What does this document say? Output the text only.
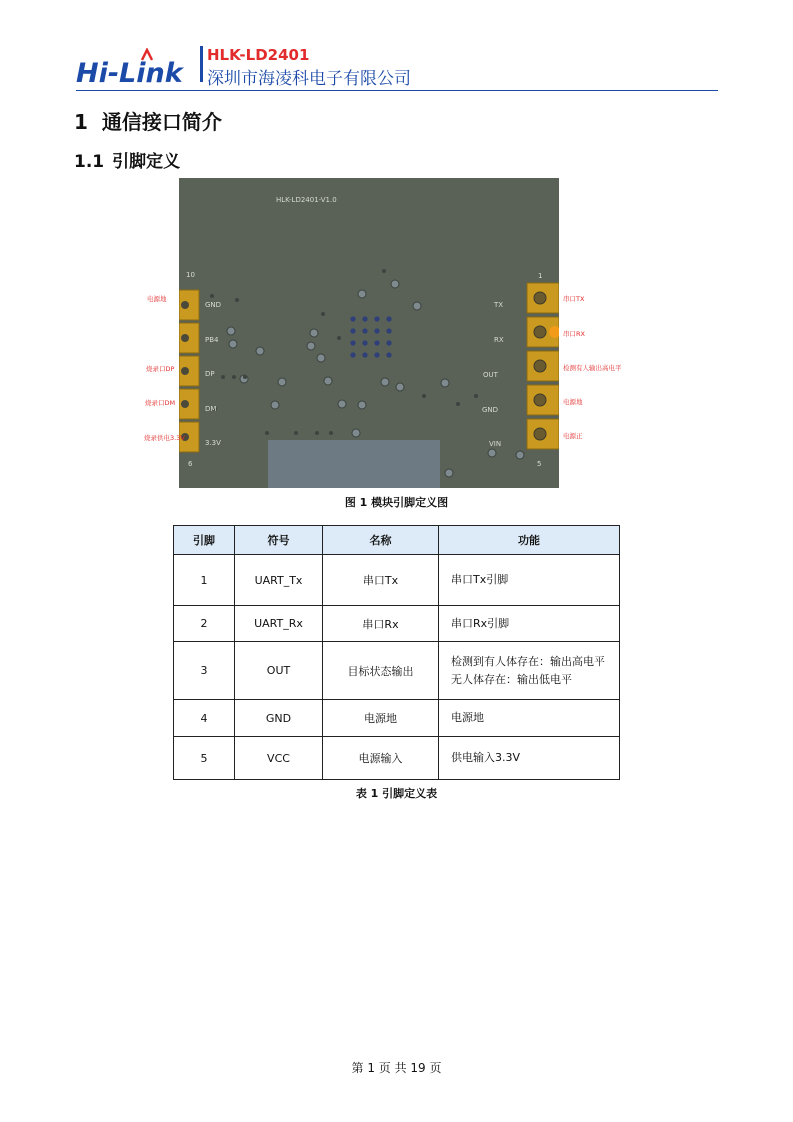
Hi-Link
HLK-LD2401
深圳市海凌科电子有限公司
1 通信接口简介
1.1 引脚定义
HLK-LD2401-V1.0
10
6
1
5
GND
PB4
DP
DM
3.3V
TX
RX
OUT
GND
VIN
电源地
烧录口DP
烧录口DM
烧录供电3.3V
串口TX
串口RX
检测有人输出高电平
电源地
电源正
图 1 模块引脚定义图
引脚	符号	名称	功能
1	UART_Tx	串口Tx	串口Tx引脚
2	UART_Rx	串口Rx	串口Rx引脚
3	OUT	目标状态输出	检测到有人体存在：输出高电平
无人体存在：输出低电平

4	GND	电源地	电源地
5	VCC	电源输入	供电输入3.3V
表 1 引脚定义表
第 1 页 共 19 页
